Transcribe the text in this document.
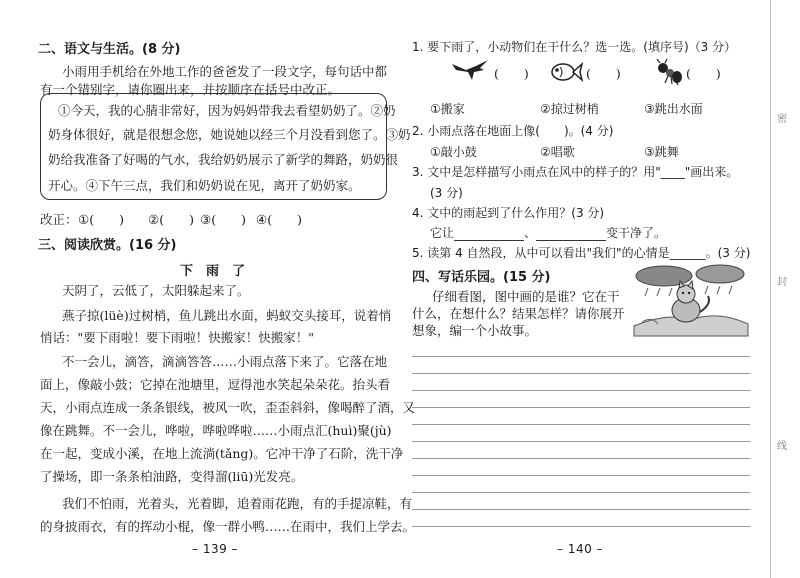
二、语文与生活。(8 分)
小雨用手机给在外地工作的爸爸发了一段文字，每句话中都
有一个错别字，请你圈出来，并按顺序在括号中改正。
①今天，我的心腈非常好，因为妈妈带我去看望奶奶了。②奶
奶身体很好，就是很想念您，她说她以经三个月没看到您了。③奶
奶给我准备了好喝的气水，我给奶奶展示了新学的舞路，奶奶很
开心。④下午三点，我们和奶奶说在见，离开了奶奶家。
改正： ①(　　) ②(　　) ③(　　) ④(　　)
三、阅读欣赏。(16 分)
下　雨　了
天阴了，云低了，太阳躲起来了。
燕子掠(lüè)过树梢，鱼儿跳出水面，蚂蚁交头接耳，说着悄
悄话："要下雨啦！要下雨啦！快搬家！快搬家！"
不一会儿，滴答，滴滴答答……小雨点落下来了。它落在地
面上，像敲小鼓；它掉在池塘里，逗得池水笑起朵朵花。抬头看
天，小雨点连成一条条银线，被风一吹，歪歪斜斜，像喝醉了酒，又
像在跳舞。不一会儿，哗啦，哗啦哗啦……小雨点汇(huì)聚(jù)
在一起，变成小溪，在地上流淌(tǎng)。它冲干净了石阶，洗干净
了操场，即一条条柏油路，变得溜(liū)光发亮。
我们不怕雨，光着头，光着脚，追着雨花跑，有的手提凉鞋，有
的身披雨衣，有的挥动小棍，像一群小鸭……在雨中，我们上学去。
– 139 –
1. 要下雨了，小动物们在干什么？选一选。(填序号)（3 分）
(　　)	(　　)	(　　)
①搬家	②掠过树梢	③跳出水面
2. 小雨点落在地面上像(　　)。(4 分)
①敲小鼓	②唱歌	③跳舞
3. 文中是怎样描写小雨点在风中的样子的？用"____"画出来。
(3 分)
4. 文中的雨起到了什么作用？(3 分)
它让	、	变干净了。
5. 读第 4 自然段，从中可以看出"我们"的心情是______。(3 分)
四、写话乐园。(15 分)
仔细看图，图中画的是谁？它在干
什么，在想什么？结果怎样？请你展开
想象，编一个小故事。
– 140 –
密
封
线
